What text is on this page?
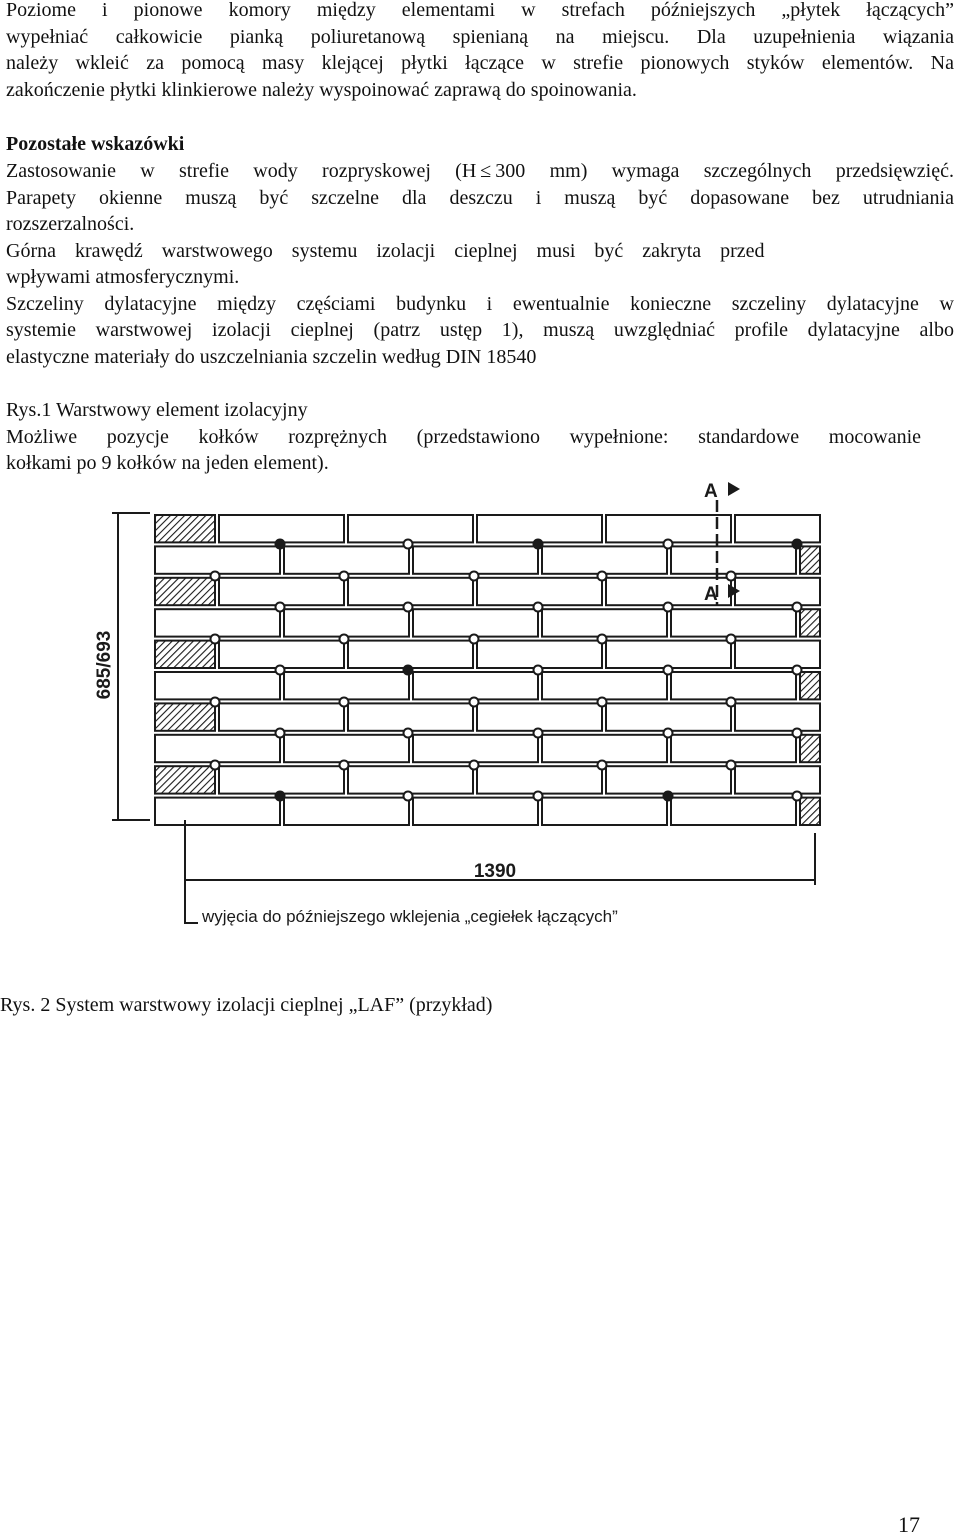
Poziome i pionowe komory między elementami w strefach późniejszych „płytek łączących”

wypełniać całkowicie pianką poliuretanową spienianą na miejscu. Dla uzupełnienia wiązania

należy wkleić za pomocą masy klejącej płytki łączące w strefie pionowych styków elementów. Na

zakończenie płytki klinkierowe należy wyspoinować zaprawą do spoinowania.

Pozostałe wskazówki

Zastosowanie w strefie wody rozpryskowej (H ≤ 300 mm) wymaga szczególnych przedsięwzięć.

Parapety okienne muszą być szczelne dla deszczu i muszą być dopasowane bez utrudniania

rozszerzalności.

Górna krawędź warstwowego systemu izolacji cieplnej musi być zakryta przed

wpływami atmosferycznymi.

Szczeliny dylatacyjne między częściami budynku i ewentualnie konieczne szczeliny dylatacyjne w

systemie warstwowej izolacji cieplnej (patrz ustęp 1), muszą uwzględniać profile dylatacyjne albo

elastyczne materiały do uszczelniania szczelin według DIN 18540

Rys.1 Warstwowy element izolacyjny

Możliwe pozycje kołków rozprężnych (przedstawiono wypełnione: standardowe mocowanie

kołkami po 9 kołków na jeden element).

685/693
1390
wyjęcia do późniejszego wklejenia „cegiełek łączących”
A
A

Rys. 2 System warstwowy izolacji cieplnej „LAF” (przykład)

17
